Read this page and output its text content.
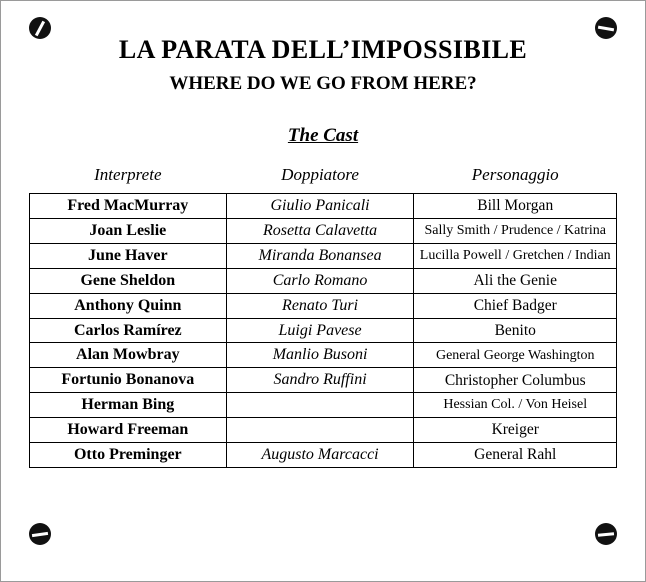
LA PARATA DELL’IMPOSSIBILE
WHERE DO WE GO FROM HERE?
The Cast
Interprete	Doppiatore	Personaggio
Fred MacMurray	Giulio Panicali	Bill Morgan
Joan Leslie	Rosetta Calavetta	Sally Smith / Prudence / Katrina
June Haver	Miranda Bonansea	Lucilla Powell / Gretchen / Indian
Gene Sheldon	Carlo Romano	Ali the Genie
Anthony Quinn	Renato Turi	Chief Badger
Carlos Ramírez	Luigi Pavese	Benito
Alan Mowbray	Manlio Busoni	General George Washington
Fortunio Bonanova	Sandro Ruffini	Christopher Columbus
Herman Bing		Hessian Col. / Von Heisel
Howard Freeman		Kreiger
Otto Preminger	Augusto Marcacci	General Rahl
